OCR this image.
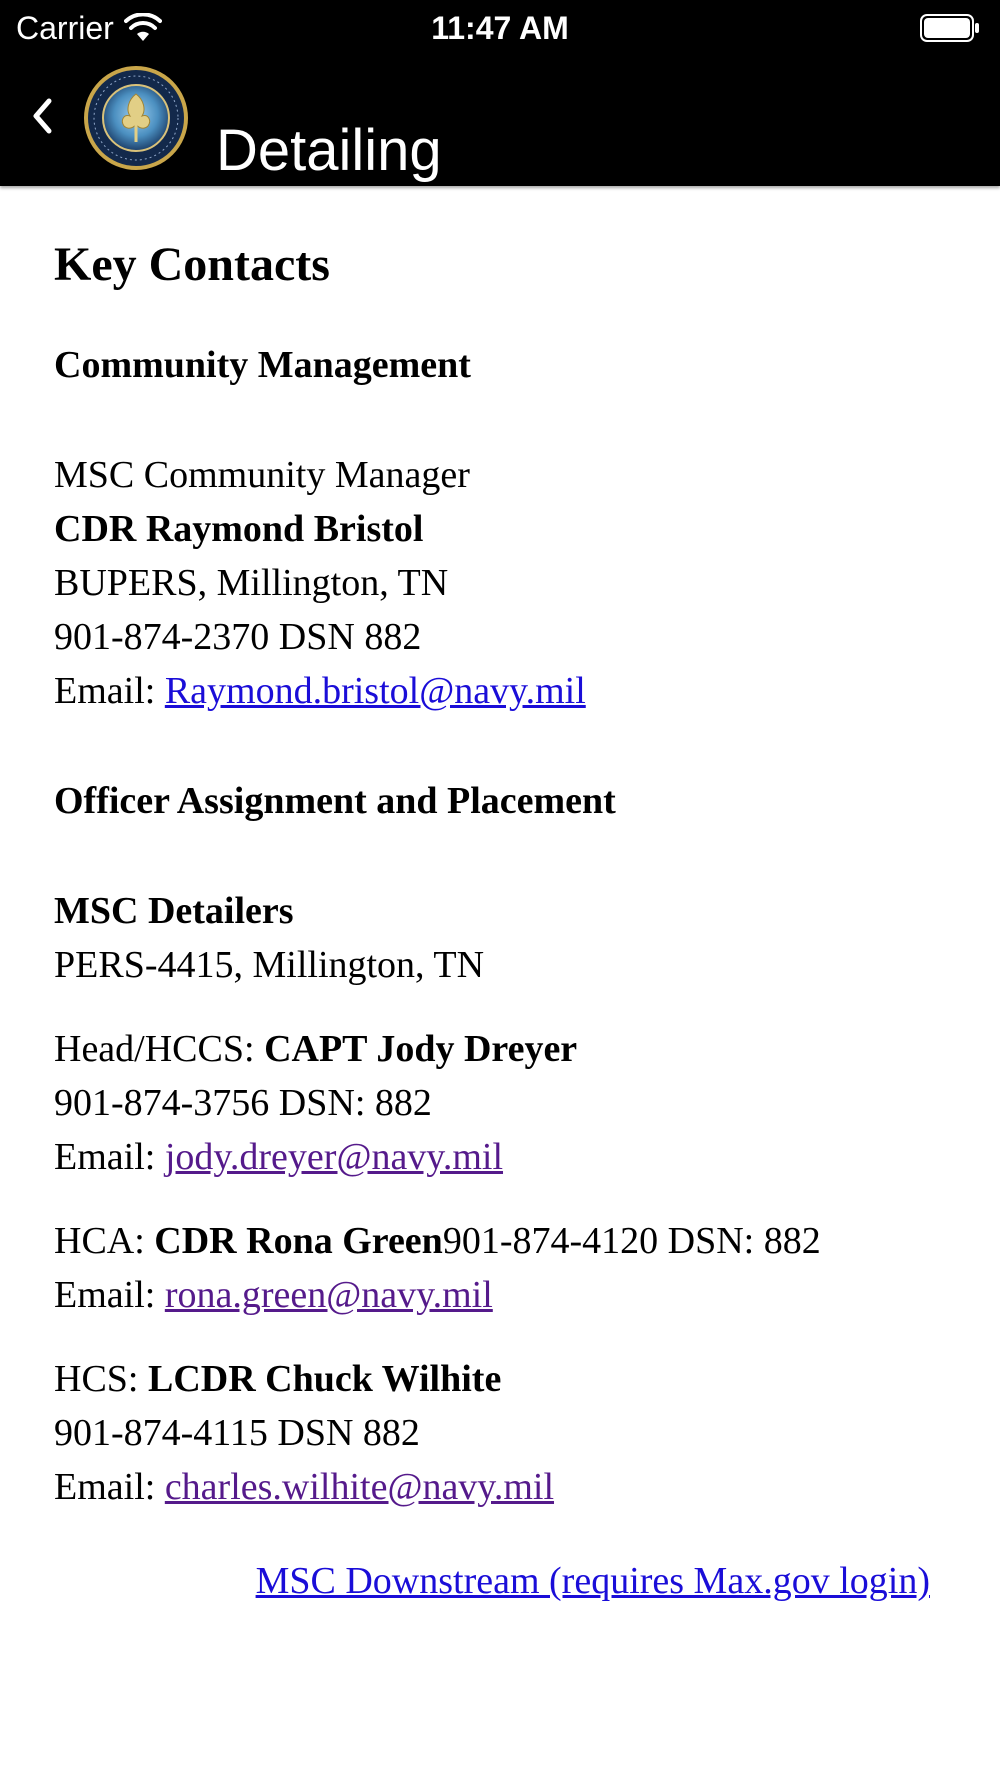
Carrier	11:47 AM
Detailing
Key Contacts
Community Management
MSC Community Manager
CDR Raymond Bristol
BUPERS, Millington, TN
901-874-2370 DSN 882
Email: Raymond.bristol@navy.mil
Officer Assignment and Placement
MSC Detailers
PERS-4415, Millington, TN
Head/HCCS: CAPT Jody Dreyer
901-874-3756 DSN: 882
Email: jody.dreyer@navy.mil
HCA: CDR Rona Green901-874-4120 DSN: 882
Email: rona.green@navy.mil
HCS: LCDR Chuck Wilhite
901-874-4115 DSN 882
Email: charles.wilhite@navy.mil
MSC Downstream (requires Max.gov login)
